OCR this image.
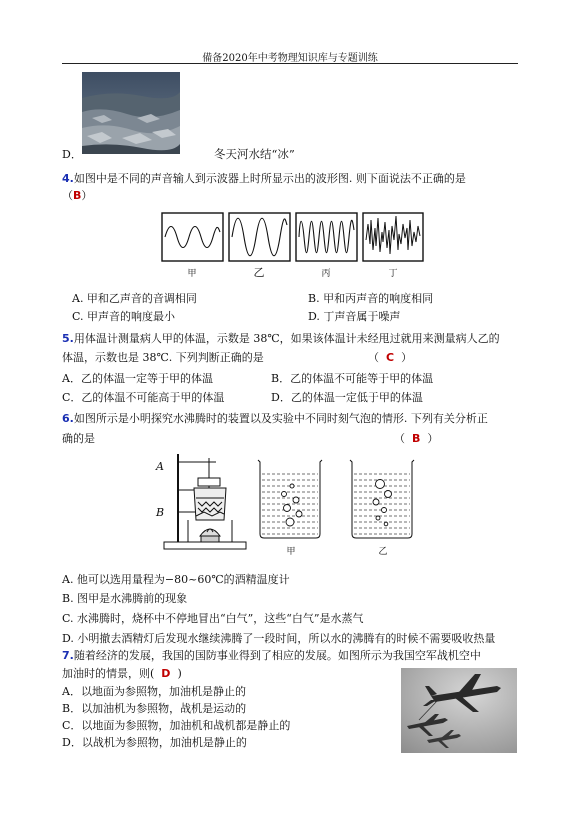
備备2020年中考物理知识库与专题训练
D．	冬天河水结“冰”
4.如图中是不同的声音输人到示波器上时所显示出的波形图. 则下面说法不正确的是
（B）
甲	乙	丙	丁
A. 甲和乙声音的音调相同	B. 甲和丙声音的响度相同
C. 甲声音的响度最小	D. 丁声音属于噪声
5.用体温计测量病人甲的体温，示数是 38℃，如果该体温计未经甩过就用来测量病人乙的
体温，示数也是 38℃. 下列判断正确的是	（ C ）
A．乙的体温一定等于甲的体温	B．乙的体温不可能等于甲的体温
C．乙的体温不可能高于甲的体温	D．乙的体温一定低于甲的体温
6.如图所示是小明探究水沸腾时的装置以及实验中不同时刻气泡的情形. 下列有关分析正
确的是	（ B ）
A
B
甲	乙
A. 他可以选用量程为−80~60℃的酒精温度计
B. 图甲是水沸腾前的现象
C. 水沸腾时，烧杯中不停地冒出“白气”，这些“白气”是水蒸气
D. 小明撤去酒精灯后发现水继续沸腾了一段时间，所以水的沸腾有的时候不需要吸收热量
7.随着经济的发展，我国的国防事业得到了相应的发展。如图所示为我国空军战机空中
加油时的情景，则( D )
A．以地面为参照物，加油机是静止的
B．以加油机为参照物，战机是运动的
C．以地面为参照物，加油机和战机都是静止的
D．以战机为参照物，加油机是静止的
